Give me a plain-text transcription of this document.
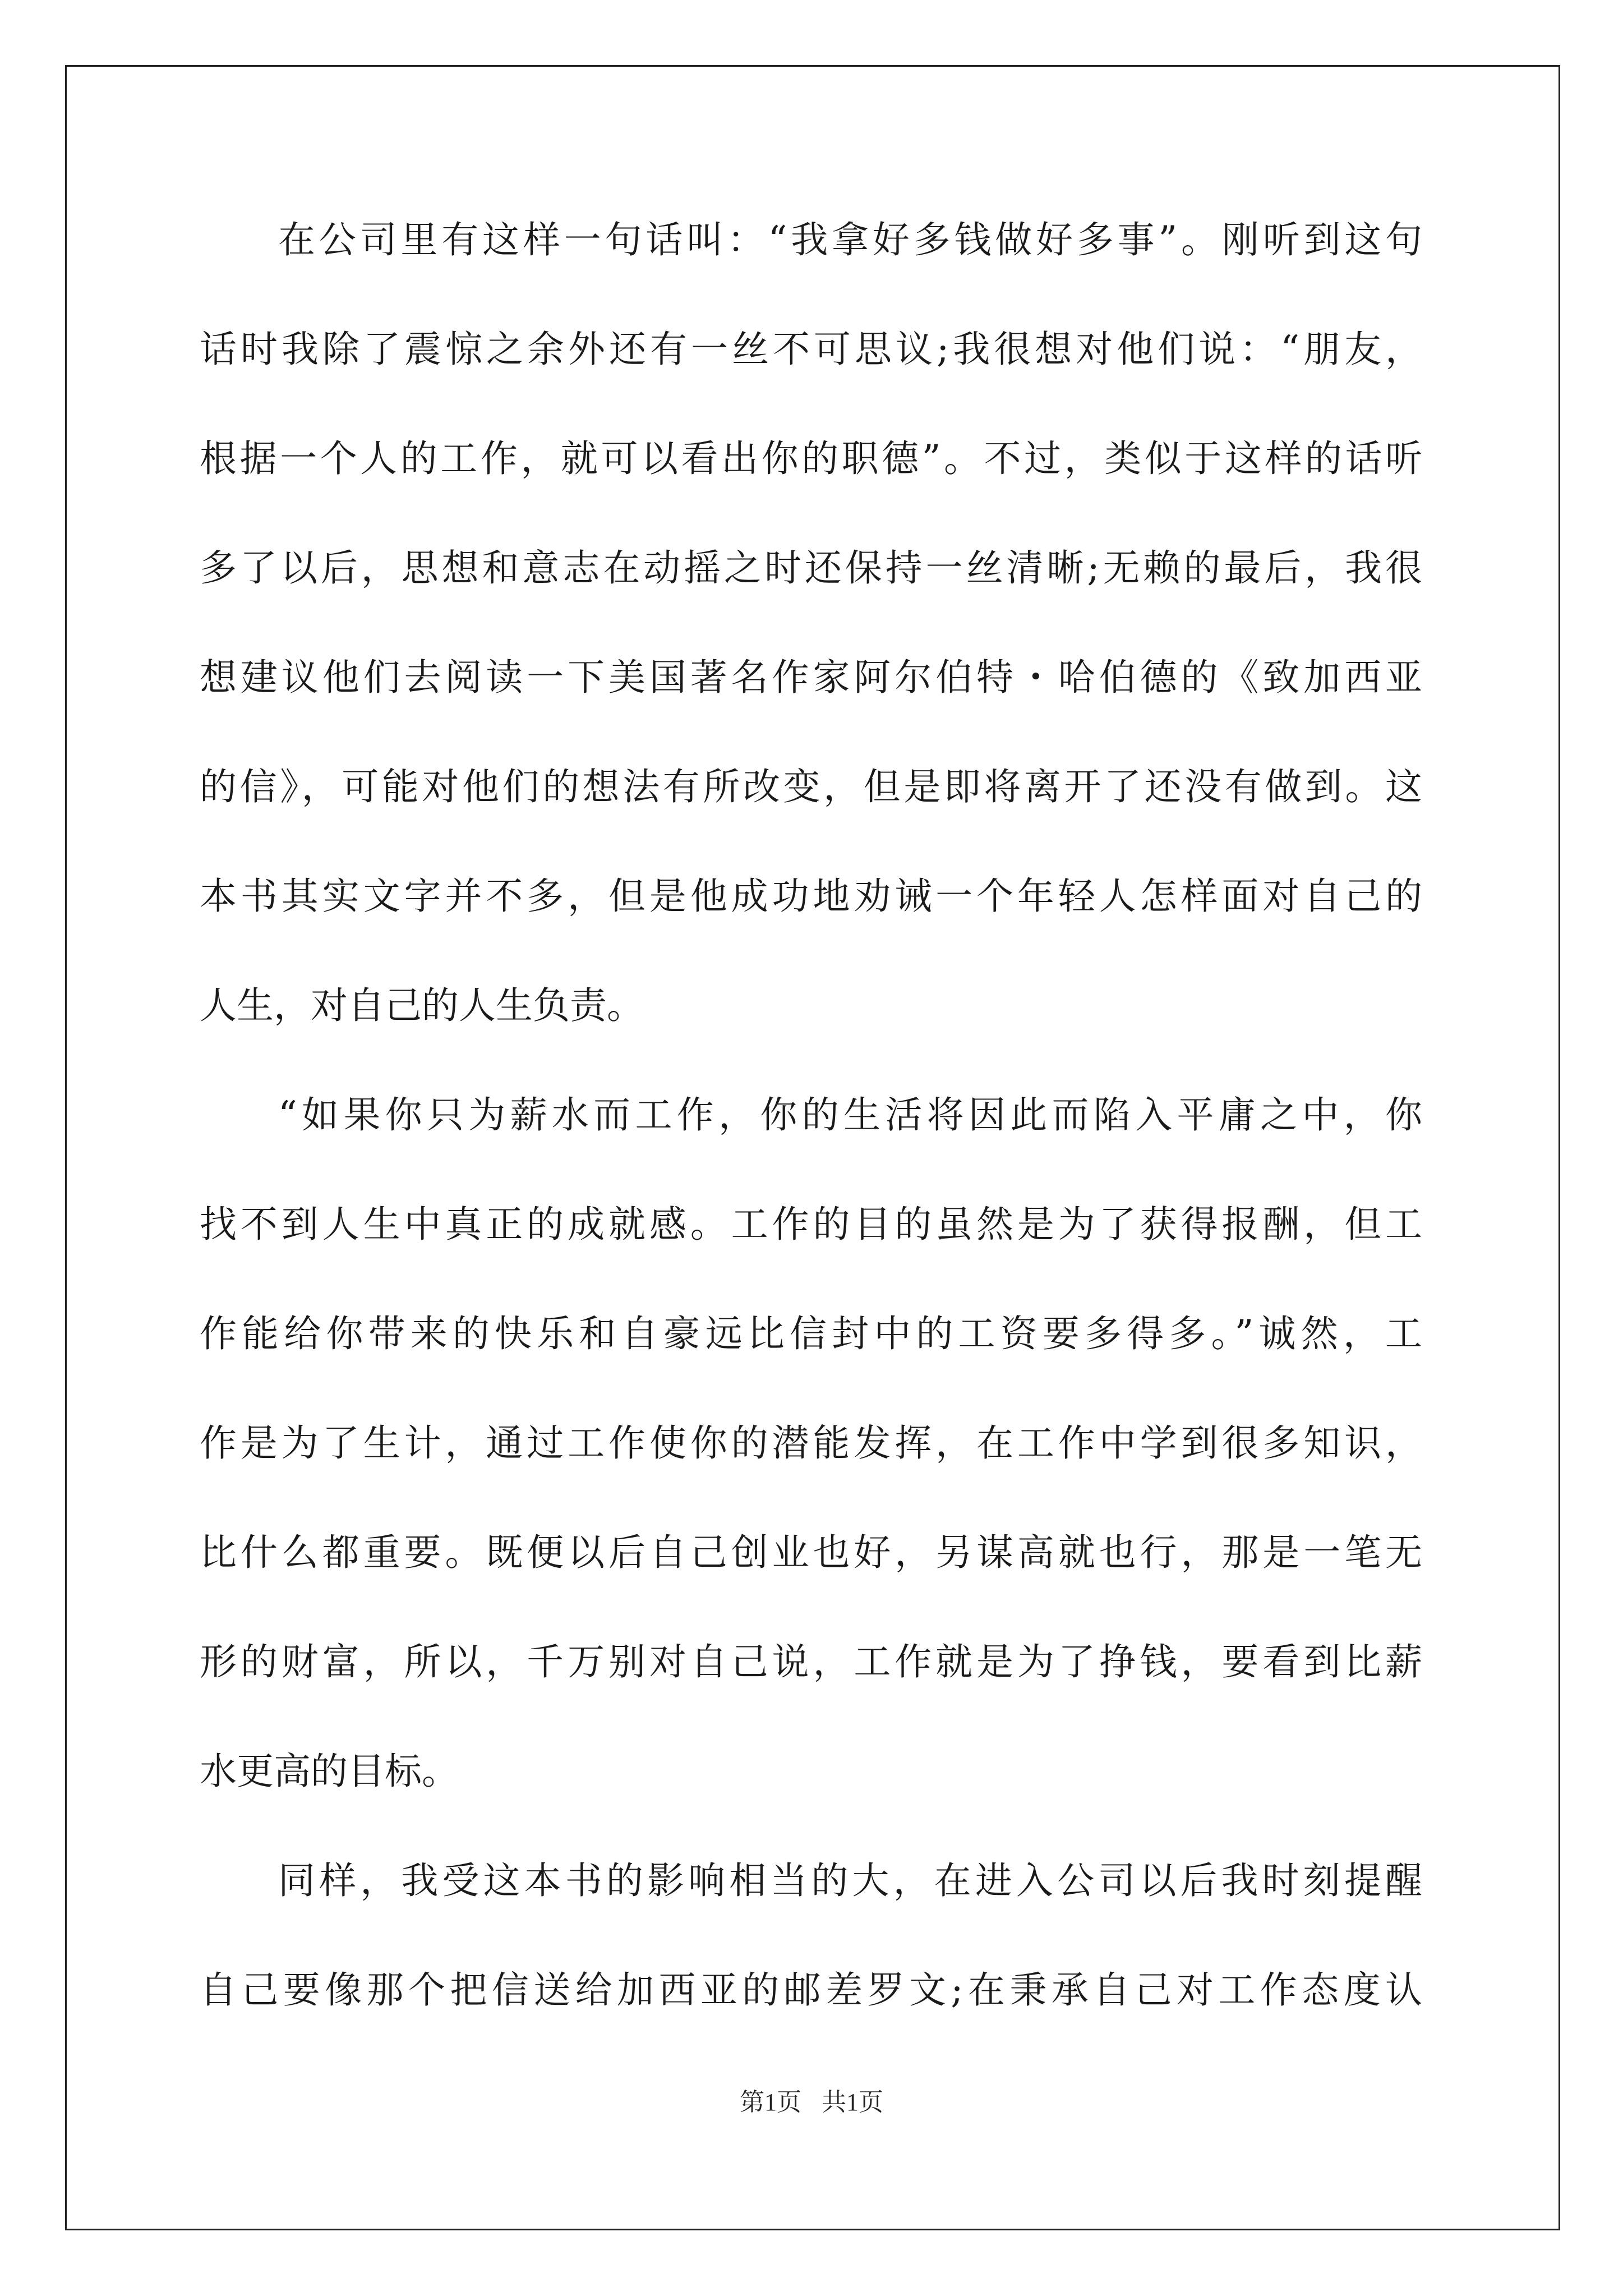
在公司里有这样一句话叫：“我拿好多钱做好多事”。刚听到这句
话时我除了震惊之余外还有一丝不可思议;我很想对他们说：“朋友，
根据一个人的工作，就可以看出你的职德”。不过，类似于这样的话听
多了以后，思想和意志在动摇之时还保持一丝清晰;无赖的最后，我很
想建议他们去阅读一下美国著名作家阿尔伯特・哈伯德的《致加西亚
的信》，可能对他们的想法有所改变，但是即将离开了还没有做到。这
本书其实文字并不多，但是他成功地劝诫一个年轻人怎样面对自己的
人生，对自己的人生负责。
“如果你只为薪水而工作，你的生活将因此而陷入平庸之中，你
找不到人生中真正的成就感。工作的目的虽然是为了获得报酬，但工
作能给你带来的快乐和自豪远比信封中的工资要多得多。”诚然，工
作是为了生计，通过工作使你的潜能发挥，在工作中学到很多知识，
比什么都重要。既便以后自己创业也好，另谋高就也行，那是一笔无
形的财富，所以，千万别对自己说，工作就是为了挣钱，要看到比薪
水更高的目标。
同样，我受这本书的影响相当的大，在进入公司以后我时刻提醒
自己要像那个把信送给加西亚的邮差罗文;在秉承自己对工作态度认
第1页 共1页
